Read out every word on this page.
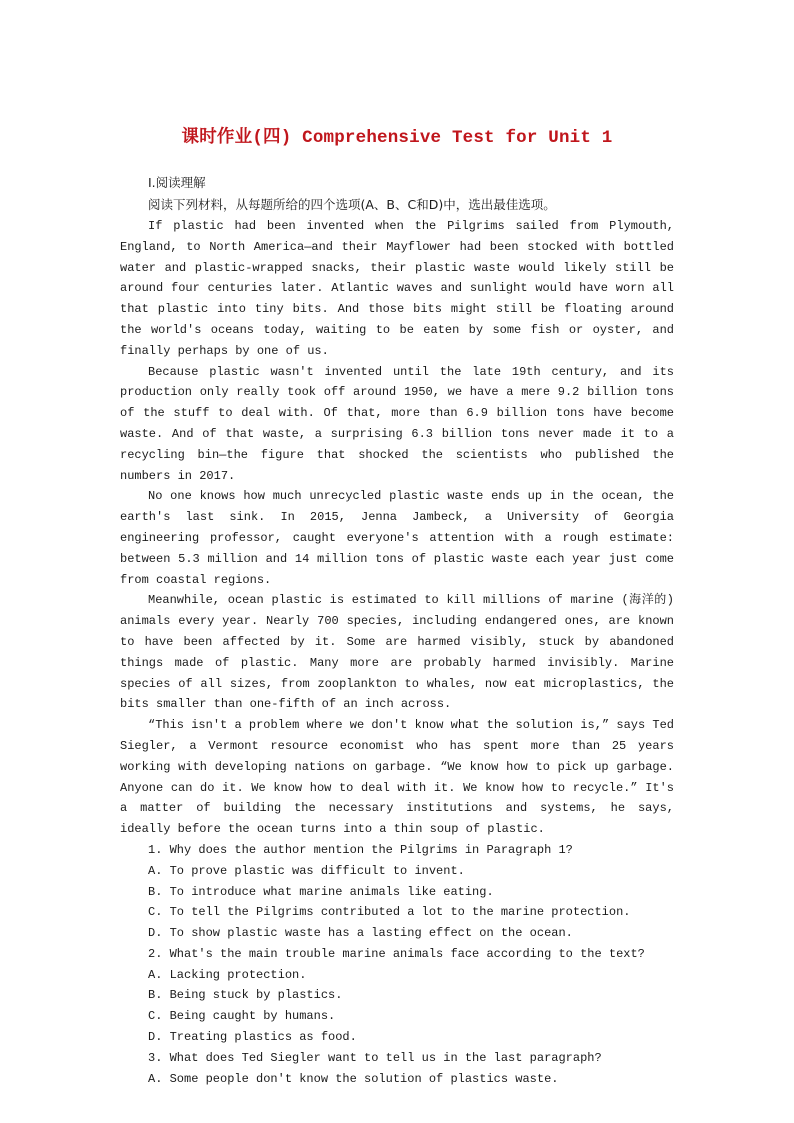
课时作业(四) Comprehensive Test for Unit 1
Ⅰ.阅读理解
阅读下列材料，从每题所给的四个选项(A、B、C和D)中，选出最佳选项。

If plastic had been invented when the Pilgrims sailed from Plymouth, England, to North America—and their Mayflower had been stocked with bottled water and plastic-wrapped snacks, their plastic waste would likely still be around four centuries later. Atlantic waves and sunlight would have worn all that plastic into tiny bits. And those bits might still be floating around the world's oceans today, waiting to be eaten by some fish or oyster, and finally perhaps by one of us.

Because plastic wasn't invented until the late 19th century, and its production only really took off around 1950, we have a mere 9.2 billion tons of the stuff to deal with. Of that, more than 6.9 billion tons have become waste. And of that waste, a surprising 6.3 billion tons never made it to a recycling bin—the figure that shocked the scientists who published the numbers in 2017.

No one knows how much unrecycled plastic waste ends up in the ocean, the earth's last sink. In 2015, Jenna Jambeck, a University of Georgia engineering professor, caught everyone's attention with a rough estimate: between 5.3 million and 14 million tons of plastic waste each year just come from coastal regions.

Meanwhile, ocean plastic is estimated to kill millions of marine (海洋的) animals every year. Nearly 700 species, including endangered ones, are known to have been affected by it. Some are harmed visibly, stuck by abandoned things made of plastic. Many more are probably harmed invisibly. Marine species of all sizes, from zooplankton to whales, now eat microplastics, the bits smaller than one-fifth of an inch across.

“This isn't a problem where we don't know what the solution is,” says Ted Siegler, a Vermont resource economist who has spent more than 25 years working with developing nations on garbage. “We know how to pick up garbage. Anyone can do it. We know how to deal with it. We know how to recycle.” It's a matter of building the necessary institutions and systems, he says, ideally before the ocean turns into a thin soup of plastic.

1. Why does the author mention the Pilgrims in Paragraph 1?

A. To prove plastic was difficult to invent.

B. To introduce what marine animals like eating.

C. To tell the Pilgrims contributed a lot to the marine protection.

D. To show plastic waste has a lasting effect on the ocean.

2. What's the main trouble marine animals face according to the text?

A. Lacking protection.

B. Being stuck by plastics.

C. Being caught by humans.

D. Treating plastics as food.

3. What does Ted Siegler want to tell us in the last paragraph?

A. Some people don't know the solution of plastics waste.
